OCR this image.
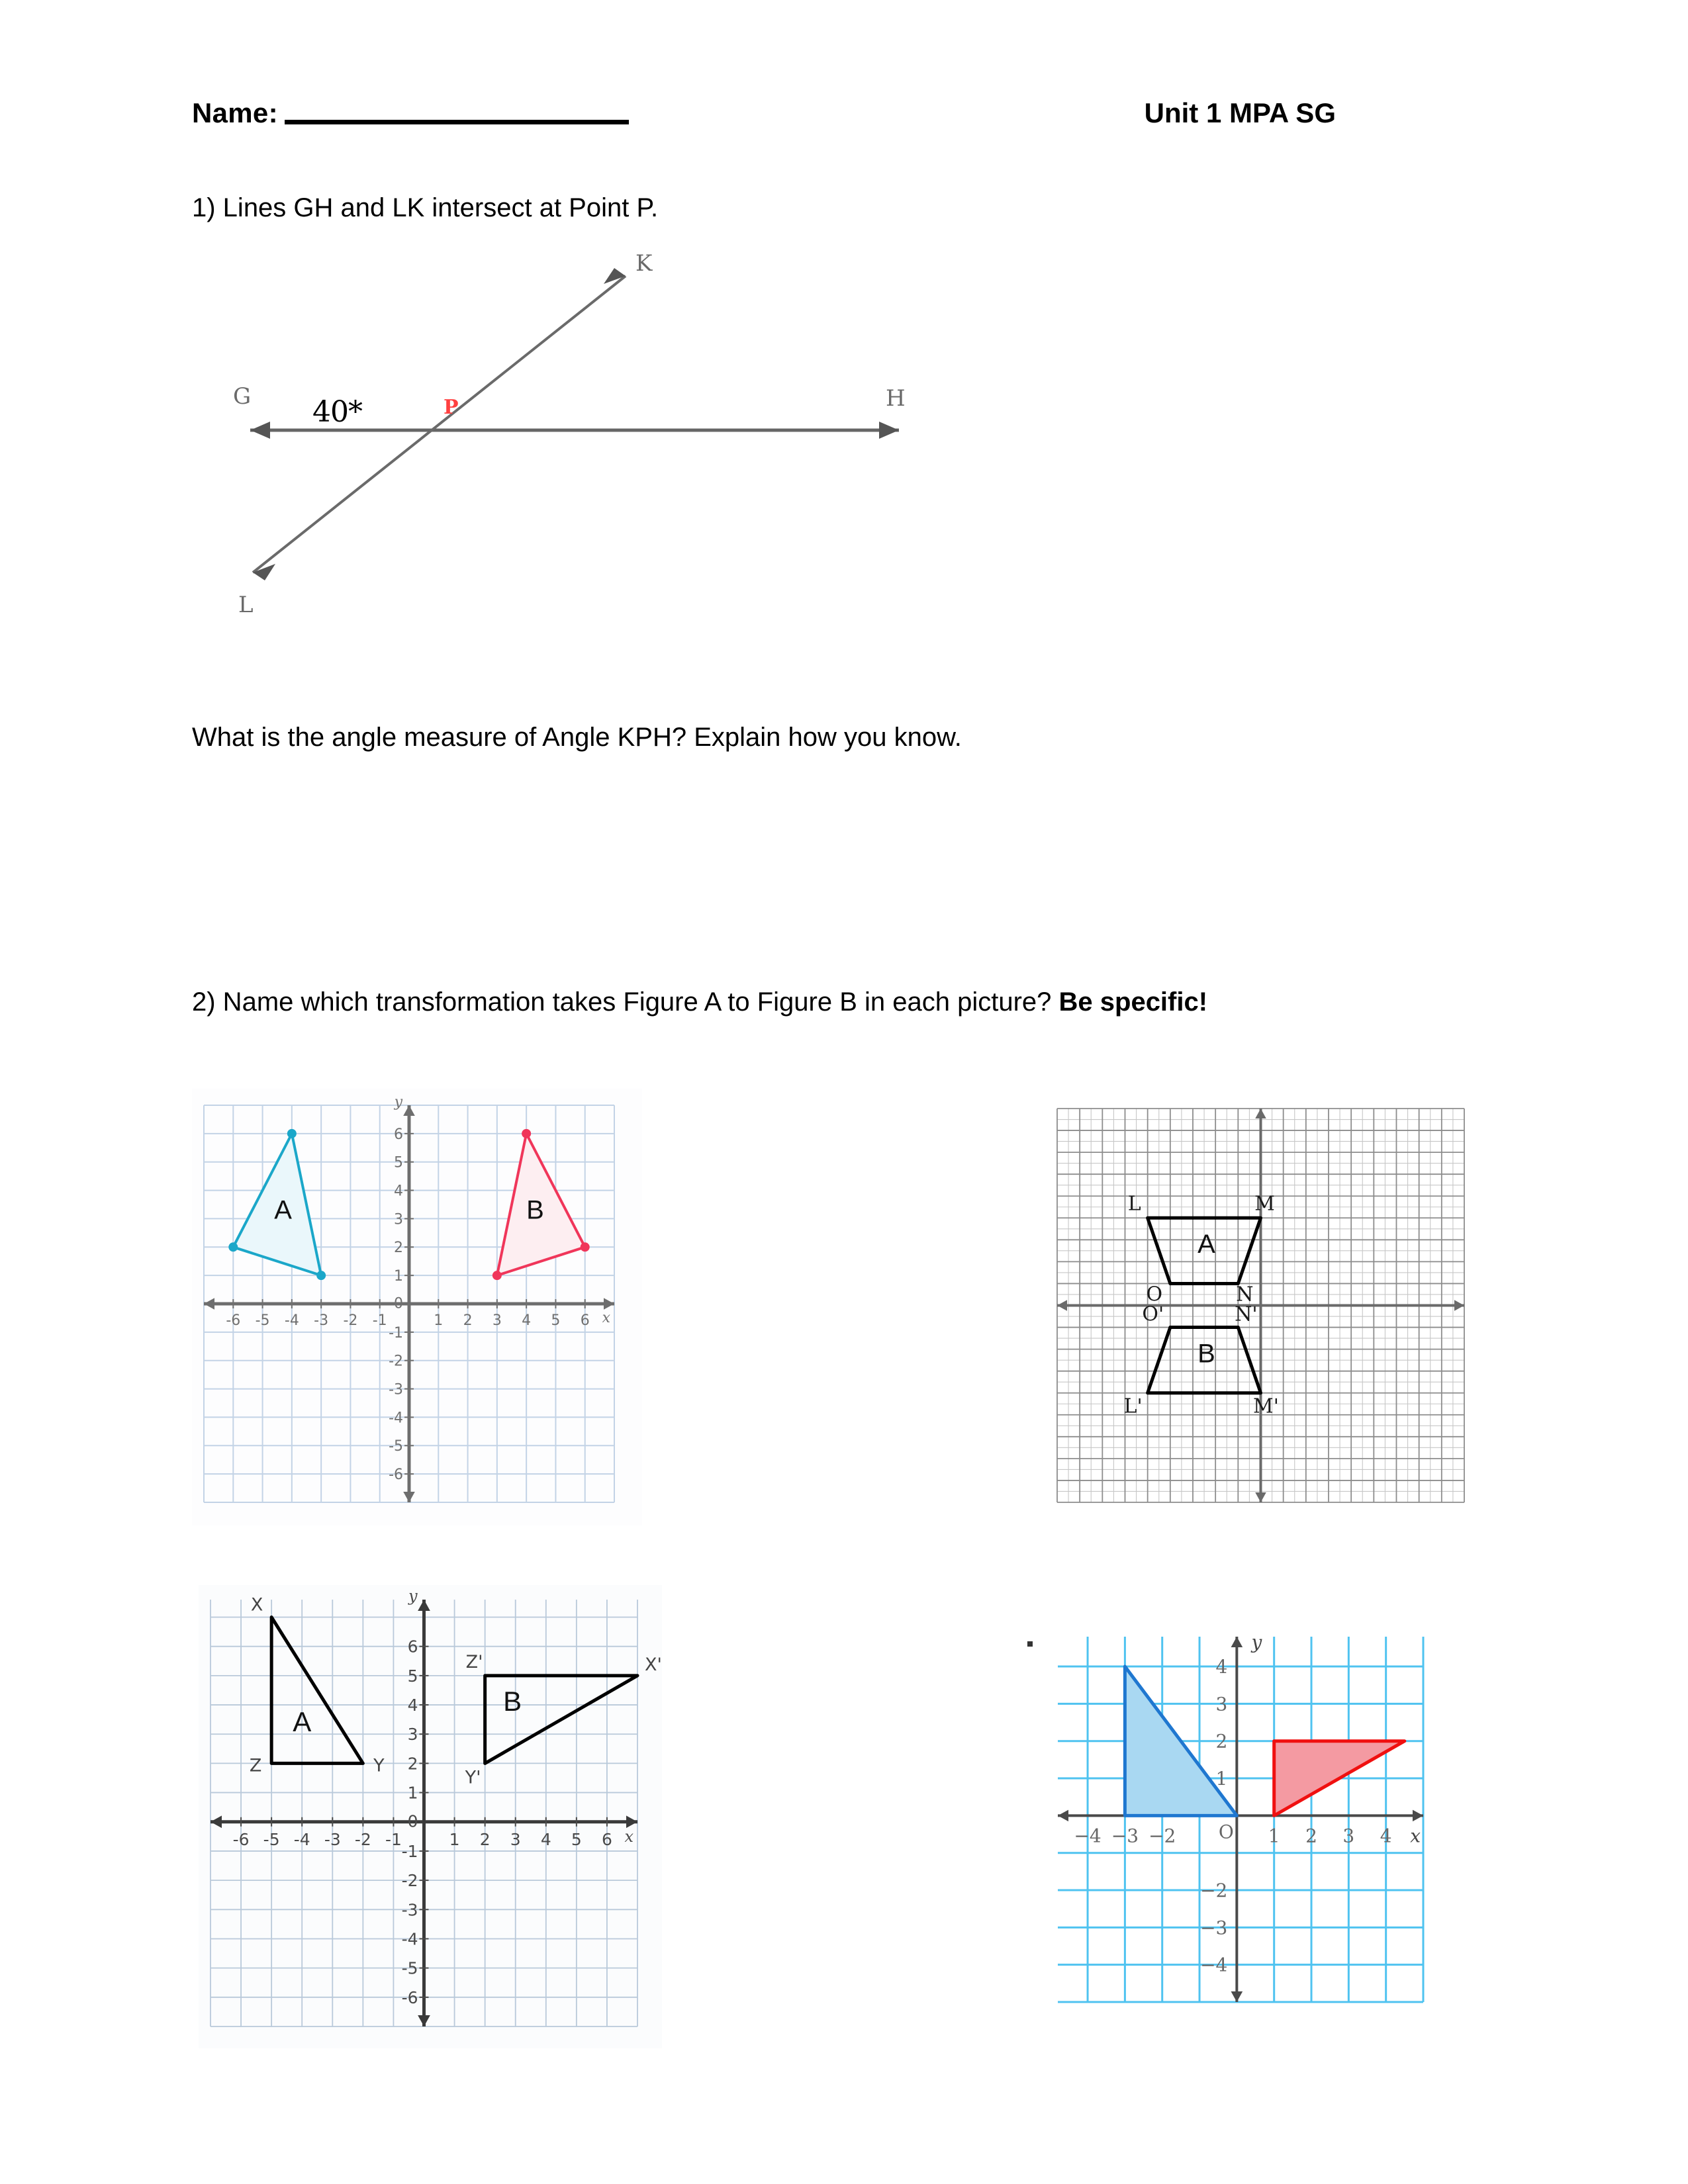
Name:	Unit 1 MPA SG
1) Lines GH and LK intersect at Point P.
G	H
K
L
P
40*
What is the angle measure of Angle KPH? Explain how you know.
2) Name which transformation takes Figure A to Figure B in each picture? Be specific!
-6 -5 -4 -3 -2 -1	1 2 3 4 5 6
6
5
4
3
2
1
-1
-2
-3
-4
-5
-6
0
x
y
A	B
A
L	M
N
O
B
L'	M'
N'
O'
-6 -5 -4 -3 -2 -1	1 2 3 4 5 6
6
5
4
3
2
1
-1
-2
-3
-4
-5
-6
0
x
y
A
X
Y
Z
B
Z'	X'
Y'
−4 −3 −2 O 1 2 3 4
4
3
2
1
−2
−3
−4
x
y
